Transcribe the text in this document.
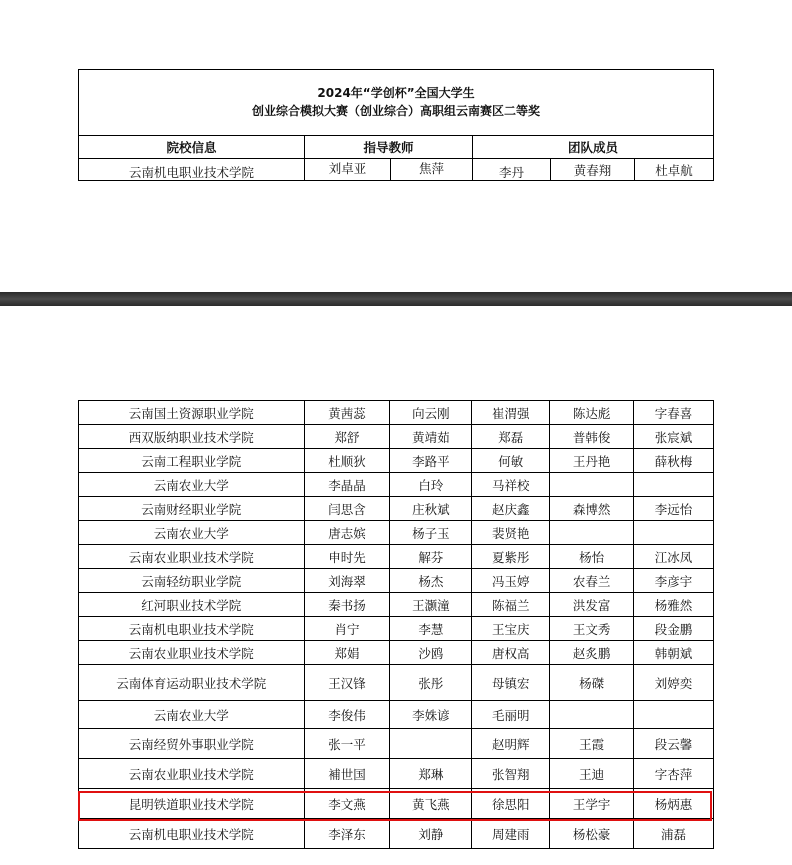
2024年“学创杯”全国大学生
创业综合模拟大赛（创业综合）高职组云南赛区二等奖
院校信息	指导教师	团队成员
云南机电职业技术学院	刘卓亚	焦萍	李丹	黄春翔	杜卓航
云南国土资源职业学院	黄茜蕊	向云刚	崔渭强	陈达彪	字春喜
西双版纳职业技术学院	郑舒	黄靖茹	郑磊	普韩俊	张宸斌
云南工程职业学院	杜顺狄	李路平	何敏	王丹艳	薛秋梅
云南农业大学	李晶晶	白玲	马祥校		
云南财经职业学院	闫思含	庄秋斌	赵庆鑫	森博然	李远怡
云南农业大学	唐志嫔	杨子玉	裴贤艳		
云南农业职业技术学院	申时先	解芬	夏紫彤	杨怡	江冰凤
云南轻纺职业学院	刘海翠	杨杰	冯玉婷	农春兰	李彦宇
红河职业技术学院	秦书扬	王灏潼	陈福兰	洪发富	杨雅然
云南机电职业技术学院	肖宁	李慧	王宝庆	王文秀	段金鹏
云南农业职业技术学院	郑娟	沙鸥	唐权高	赵炙鹏	韩朝斌
云南体育运动职业技术学院	王汉锋	张彤	母镇宏	杨磔	刘婷奕
云南农业大学	李俊伟	李姝谚	毛丽明		
云南经贸外事职业学院	张一平		赵明辉	王霞	段云馨
云南农业职业技术学院	補世国	郑琳	张智翔	王迪	字杏萍
昆明铁道职业技术学院	李文燕	黄飞燕	徐思阳	王学宇	杨炳惠
云南机电职业技术学院	李泽东	刘静	周建雨	杨松豪	浦磊
